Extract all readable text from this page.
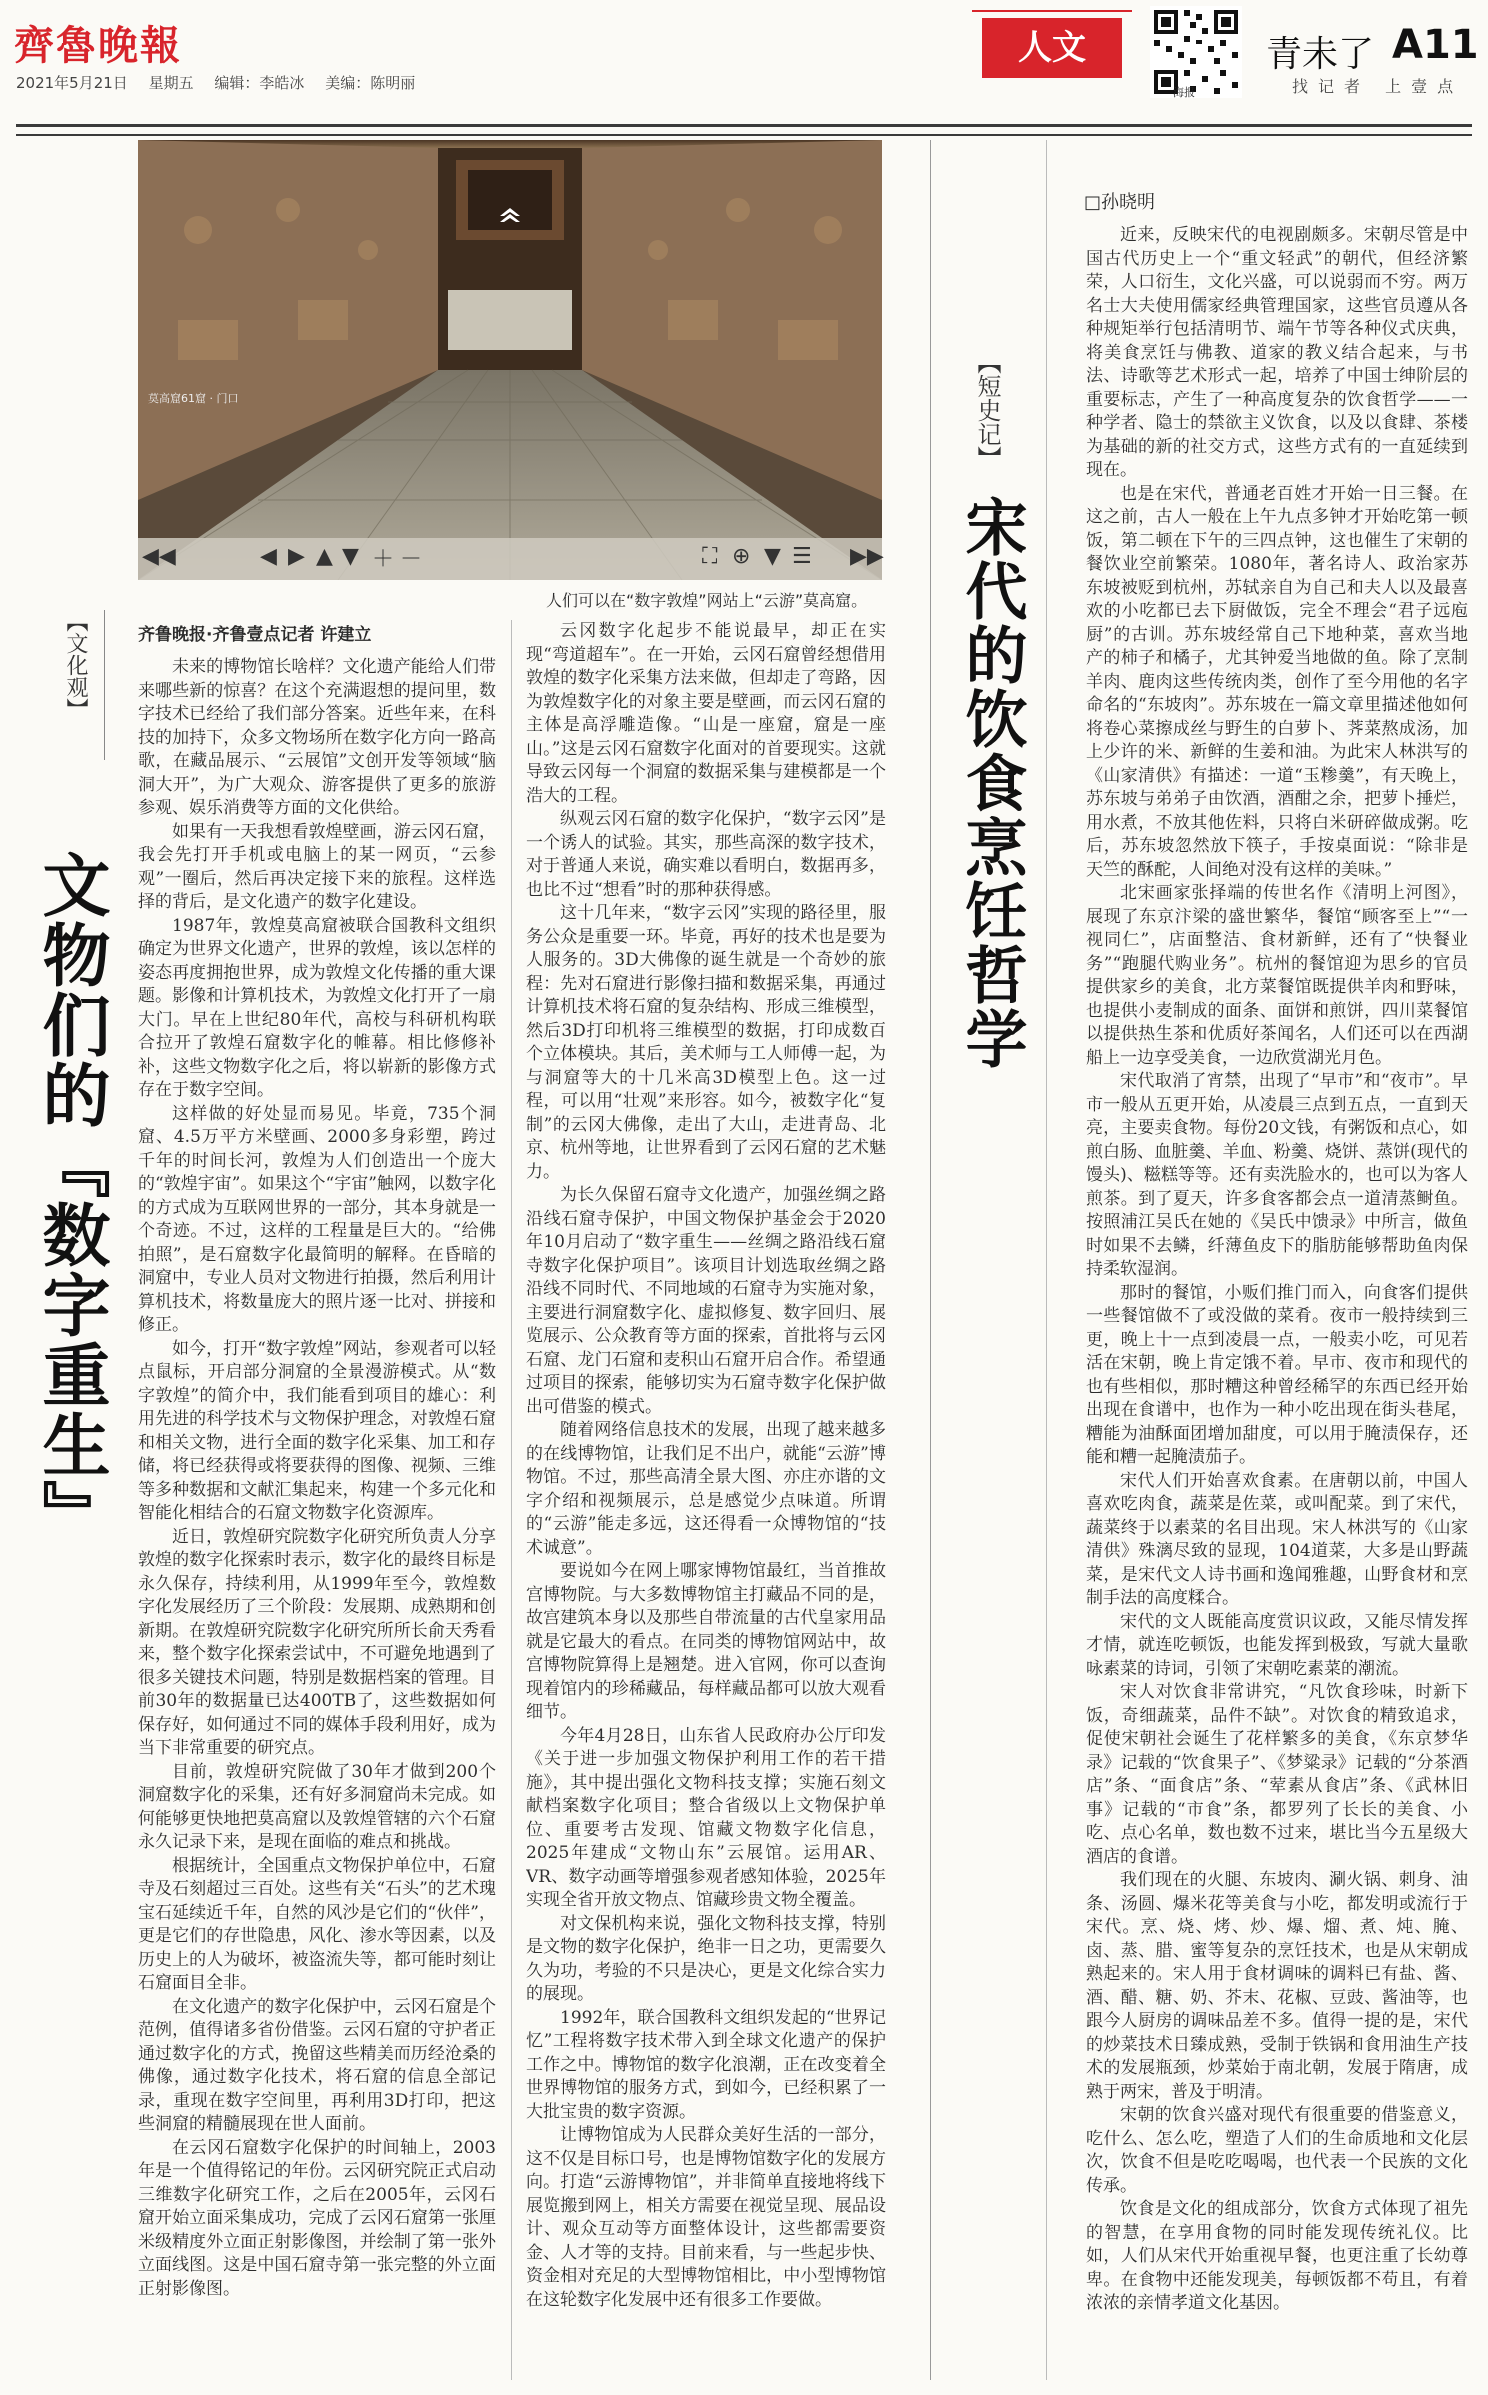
齊魯晚報
2021年5月21日 星期五 编辑：李皓冰 美编：陈明丽
人文
海报
青未了 A11
找记者 上壹点
莫高窟61窟 · 门口
◀◀	◀ ▶ ▲ ▼ ＋ －	⛶ ⊕ ▼ ☰ ▶▶
人们可以在“数字敦煌”网站上“云游”莫高窟。
【文化观】
文物们的『数字重生』
齐鲁晚报·齐鲁壹点记者 许建立

未来的博物馆长啥样？文化遗产能给人们带来哪些新的惊喜？在这个充满遐想的提问里，数字技术已经给了我们部分答案。近些年来，在科技的加持下，众多文物场所在数字化方向一路高歌，在藏品展示、“云展馆”文创开发等领域“脑洞大开”，为广大观众、游客提供了更多的旅游参观、娱乐消费等方面的文化供给。

如果有一天我想看敦煌壁画，游云冈石窟，我会先打开手机或电脑上的某一网页，“云参观”一圈后，然后再决定接下来的旅程。这样选择的背后，是文化遗产的数字化建设。

1987年，敦煌莫高窟被联合国教科文组织确定为世界文化遗产，世界的敦煌，该以怎样的姿态再度拥抱世界，成为敦煌文化传播的重大课题。影像和计算机技术，为敦煌文化打开了一扇大门。早在上世纪80年代，高校与科研机构联合拉开了敦煌石窟数字化的帷幕。相比修修补补，这些文物数字化之后，将以崭新的影像方式存在于数字空间。

这样做的好处显而易见。毕竟，735个洞窟、4.5万平方米壁画、2000多身彩塑，跨过千年的时间长河，敦煌为人们创造出一个庞大的“敦煌宇宙”。如果这个“宇宙”触网，以数字化的方式成为互联网世界的一部分，其本身就是一个奇迹。不过，这样的工程量是巨大的。“给佛拍照”，是石窟数字化最简明的解释。在昏暗的洞窟中，专业人员对文物进行拍摄，然后利用计算机技术，将数量庞大的照片逐一比对、拼接和修正。

如今，打开“数字敦煌”网站，参观者可以轻点鼠标，开启部分洞窟的全景漫游模式。从“数字敦煌”的简介中，我们能看到项目的雄心：利用先进的科学技术与文物保护理念，对敦煌石窟和相关文物，进行全面的数字化采集、加工和存储，将已经获得或将要获得的图像、视频、三维等多种数据和文献汇集起来，构建一个多元化和智能化相结合的石窟文物数字化资源库。

近日，敦煌研究院数字化研究所负责人分享敦煌的数字化探索时表示，数字化的最终目标是永久保存，持续利用，从1999年至今，敦煌数字化发展经历了三个阶段：发展期、成熟期和创新期。在敦煌研究院数字化研究所所长俞天秀看来，整个数字化探索尝试中，不可避免地遇到了很多关键技术问题，特别是数据档案的管理。目前30年的数据量已达400TB了，这些数据如何保存好，如何通过不同的媒体手段利用好，成为当下非常重要的研究点。

目前，敦煌研究院做了30年才做到200个洞窟数字化的采集，还有好多洞窟尚未完成。如何能够更快地把莫高窟以及敦煌管辖的六个石窟永久记录下来，是现在面临的难点和挑战。

根据统计，全国重点文物保护单位中，石窟寺及石刻超过三百处。这些有关“石头”的艺术瑰宝石延续近千年，自然的风沙是它们的“伙伴”，更是它们的存世隐患，风化、渗水等因素，以及历史上的人为破坏，被盗流失等，都可能时刻让石窟面目全非。

在文化遗产的数字化保护中，云冈石窟是个范例，值得诸多省份借鉴。云冈石窟的守护者正通过数字化的方式，挽留这些精美而历经沧桑的佛像，通过数字化技术，将石窟的信息全部记录，重现在数字空间里，再利用3D打印，把这些洞窟的精髓展现在世人面前。

在云冈石窟数字化保护的时间轴上，2003年是一个值得铭记的年份。云冈研究院正式启动三维数字化研究工作，之后在2005年，云冈石窟开始立面采集成功，完成了云冈石窟第一张厘米级精度外立面正射影像图，并绘制了第一张外立面线图。这是中国石窟寺第一张完整的外立面正射影像图。

云冈数字化起步不能说最早，却正在实现“弯道超车”。在一开始，云冈石窟曾经想借用敦煌的数字化采集方法来做，但却走了弯路，因为敦煌数字化的对象主要是壁画，而云冈石窟的主体是高浮雕造像。“山是一座窟，窟是一座山。”这是云冈石窟数字化面对的首要现实。这就导致云冈每一个洞窟的数据采集与建模都是一个浩大的工程。

纵观云冈石窟的数字化保护，“数字云冈”是一个诱人的试验。其实，那些高深的数字技术，对于普通人来说，确实难以看明白，数据再多，也比不过“想看”时的那种获得感。

这十几年来，“数字云冈”实现的路径里，服务公众是重要一环。毕竟，再好的技术也是要为人服务的。3D大佛像的诞生就是一个奇妙的旅程：先对石窟进行影像扫描和数据采集，再通过计算机技术将石窟的复杂结构、形成三维模型，然后3D打印机将三维模型的数据，打印成数百个立体模块。其后，美术师与工人师傅一起，为与洞窟等大的十几米高3D模型上色。这一过程，可以用“壮观”来形容。如今，被数字化“复制”的云冈大佛像，走出了大山，走进青岛、北京、杭州等地，让世界看到了云冈石窟的艺术魅力。

为长久保留石窟寺文化遗产，加强丝绸之路沿线石窟寺保护，中国文物保护基金会于2020年10月启动了“数字重生——丝绸之路沿线石窟寺数字化保护项目”。该项目计划选取丝绸之路沿线不同时代、不同地域的石窟寺为实施对象，主要进行洞窟数字化、虚拟修复、数字回归、展览展示、公众教育等方面的探索，首批将与云冈石窟、龙门石窟和麦积山石窟开启合作。希望通过项目的探索，能够切实为石窟寺数字化保护做出可借鉴的模式。

随着网络信息技术的发展，出现了越来越多的在线博物馆，让我们足不出户，就能“云游”博物馆。不过，那些高清全景大图、亦庄亦谐的文字介绍和视频展示，总是感觉少点味道。所谓的“云游”能走多远，这还得看一众博物馆的“技术诚意”。

要说如今在网上哪家博物馆最红，当首推故宫博物院。与大多数博物馆主打藏品不同的是，故宫建筑本身以及那些自带流量的古代皇家用品就是它最大的看点。在同类的博物馆网站中，故宫博物院算得上是翘楚。进入官网，你可以查询现着馆内的珍稀藏品，每样藏品都可以放大观看细节。

今年4月28日，山东省人民政府办公厅印发《关于进一步加强文物保护利用工作的若干措施》，其中提出强化文物科技支撑；实施石刻文献档案数字化项目；整合省级以上文物保护单位、重要考古发现、馆藏文物数字化信息，2025年建成“文物山东”云展馆。运用AR、VR、数字动画等增强参观者感知体验，2025年实现全省开放文物点、馆藏珍贵文物全覆盖。

对文保机构来说，强化文物科技支撑，特别是文物的数字化保护，绝非一日之功，更需要久久为功，考验的不只是决心，更是文化综合实力的展现。

1992年，联合国教科文组织发起的“世界记忆”工程将数字技术带入到全球文化遗产的保护工作之中。博物馆的数字化浪潮，正在改变着全世界博物馆的服务方式，到如今，已经积累了一大批宝贵的数字资源。

让博物馆成为人民群众美好生活的一部分，这不仅是目标口号，也是博物馆数字化的发展方向。打造“云游博物馆”，并非简单直接地将线下展览搬到网上，相关方需要在视觉呈现、展品设计、观众互动等方面整体设计，这些都需要资金、人才等的支持。目前来看，与一些起步快、资金相对充足的大型博物馆相比，中小型博物馆在这轮数字化发展中还有很多工作要做。

【短史记】
宋代的饮食烹饪哲学
□孙晓明

近来，反映宋代的电视剧颇多。宋朝尽管是中国古代历史上一个“重文轻武”的朝代，但经济繁荣，人口衍生，文化兴盛，可以说弱而不穷。两万名士大夫使用儒家经典管理国家，这些官员遵从各种规矩举行包括清明节、端午节等各种仪式庆典，将美食烹饪与佛教、道家的教义结合起来，与书法、诗歌等艺术形式一起，培养了中国士绅阶层的重要标志，产生了一种高度复杂的饮食哲学——一种学者、隐士的禁欲主义饮食，以及以食肆、茶楼为基础的新的社交方式，这些方式有的一直延续到现在。

也是在宋代，普通老百姓才开始一日三餐。在这之前，古人一般在上午九点多钟才开始吃第一顿饭，第二顿在下午的三四点钟，这也催生了宋朝的餐饮业空前繁荣。1080年，著名诗人、政治家苏东坡被贬到杭州，苏轼亲自为自己和夫人以及最喜欢的小吃都已去下厨做饭，完全不理会“君子远庖厨”的古训。苏东坡经常自己下地种菜，喜欢当地产的柿子和橘子，尤其钟爱当地做的鱼。除了烹制羊肉、鹿肉这些传统肉类，创作了至今用他的名字命名的“东坡肉”。苏东坡在一篇文章里描述他如何将卷心菜擦成丝与野生的白萝卜、荠菜熬成汤，加上少许的米、新鲜的生姜和油。为此宋人林洪写的《山家清供》有描述：一道“玉糁羹”，有天晚上，苏东坡与弟弟子由饮酒，酒酣之余，把萝卜捶烂，用水煮，不放其他佐料，只将白米研碎做成粥。吃后，苏东坡忽然放下筷子，手按桌面说：“除非是天竺的酥酡，人间绝对没有这样的美味。”

北宋画家张择端的传世名作《清明上河图》，展现了东京汴梁的盛世繁华，餐馆“顾客至上”“一视同仁”，店面整洁、食材新鲜，还有了“快餐业务”“跑腿代购业务”。杭州的餐馆迎为思乡的官员提供家乡的美食，北方菜餐馆既提供羊肉和野味，也提供小麦制成的面条、面饼和煎饼，四川菜餐馆以提供热生茶和优质好茶闻名，人们还可以在西湖船上一边享受美食，一边欣赏湖光月色。

宋代取消了宵禁，出现了“早市”和“夜市”。早市一般从五更开始，从凌晨三点到五点，一直到天亮，主要卖食物。每份20文钱，有粥饭和点心，如煎白肠、血脏羹、羊血、粉羹、烧饼、蒸饼(现代的馒头)、糍糕等等。还有卖洗脸水的，也可以为客人煎茶。到了夏天，许多食客都会点一道清蒸鲥鱼。按照浦江吴氏在她的《吴氏中馈录》中所言，做鱼时如果不去鳞，纤薄鱼皮下的脂肪能够帮助鱼肉保持柔软湿润。

那时的餐馆，小贩们推门而入，向食客们提供一些餐馆做不了或没做的菜肴。夜市一般持续到三更，晚上十一点到凌晨一点，一般卖小吃，可见若活在宋朝，晚上肯定饿不着。早市、夜市和现代的也有些相似，那时糟这种曾经稀罕的东西已经开始出现在食谱中，也作为一种小吃出现在街头巷尾，糟能为油酥面团增加甜度，可以用于腌渍保存，还能和糟一起腌渍茄子。

宋代人们开始喜欢食素。在唐朝以前，中国人喜欢吃肉食，蔬菜是佐菜，或叫配菜。到了宋代，蔬菜终于以素菜的名目出现。宋人林洪写的《山家清供》殊漓尽致的显现，104道菜，大多是山野蔬菜，是宋代文人诗书画和逸闻雅趣，山野食材和烹制手法的高度糅合。

宋代的文人既能高度赏识议政，又能尽情发挥才情，就连吃顿饭，也能发挥到极致，写就大量歌咏素菜的诗词，引领了宋朝吃素菜的潮流。

宋人对饮食非常讲究，“凡饮食珍味，时新下饭，奇细蔬菜，品件不缺”。对饮食的精致追求，促使宋朝社会诞生了花样繁多的美食，《东京梦华录》记载的“饮食果子”、《梦粱录》记载的“分茶酒店”条、“面食店”条、“荤素从食店”条、《武林旧事》记载的“市食”条，都罗列了长长的美食、小吃、点心名单，数也数不过来，堪比当今五星级大酒店的食谱。

我们现在的火腿、东坡肉、涮火锅、刺身、油条、汤圆、爆米花等美食与小吃，都发明或流行于宋代。烹、烧、烤、炒、爆、熘、煮、炖、腌、卤、蒸、腊、蜜等复杂的烹饪技术，也是从宋朝成熟起来的。宋人用于食材调味的调料已有盐、酱、酒、醋、糖、奶、芥末、花椒、豆豉、酱油等，也跟今人厨房的调味品差不多。值得一提的是，宋代的炒菜技术日臻成熟，受制于铁锅和食用油生产技术的发展瓶颈，炒菜始于南北朝，发展于隋唐，成熟于两宋，普及于明清。

宋朝的饮食兴盛对现代有很重要的借鉴意义，吃什么、怎么吃，塑造了人们的生命质地和文化层次，饮食不但是吃吃喝喝，也代表一个民族的文化传承。

饮食是文化的组成部分，饮食方式体现了祖先的智慧，在享用食物的同时能发现传统礼仪。比如，人们从宋代开始重视早餐，也更注重了长幼尊卑。在食物中还能发现美，每顿饭都不苟且，有着浓浓的亲情孝道文化基因。
